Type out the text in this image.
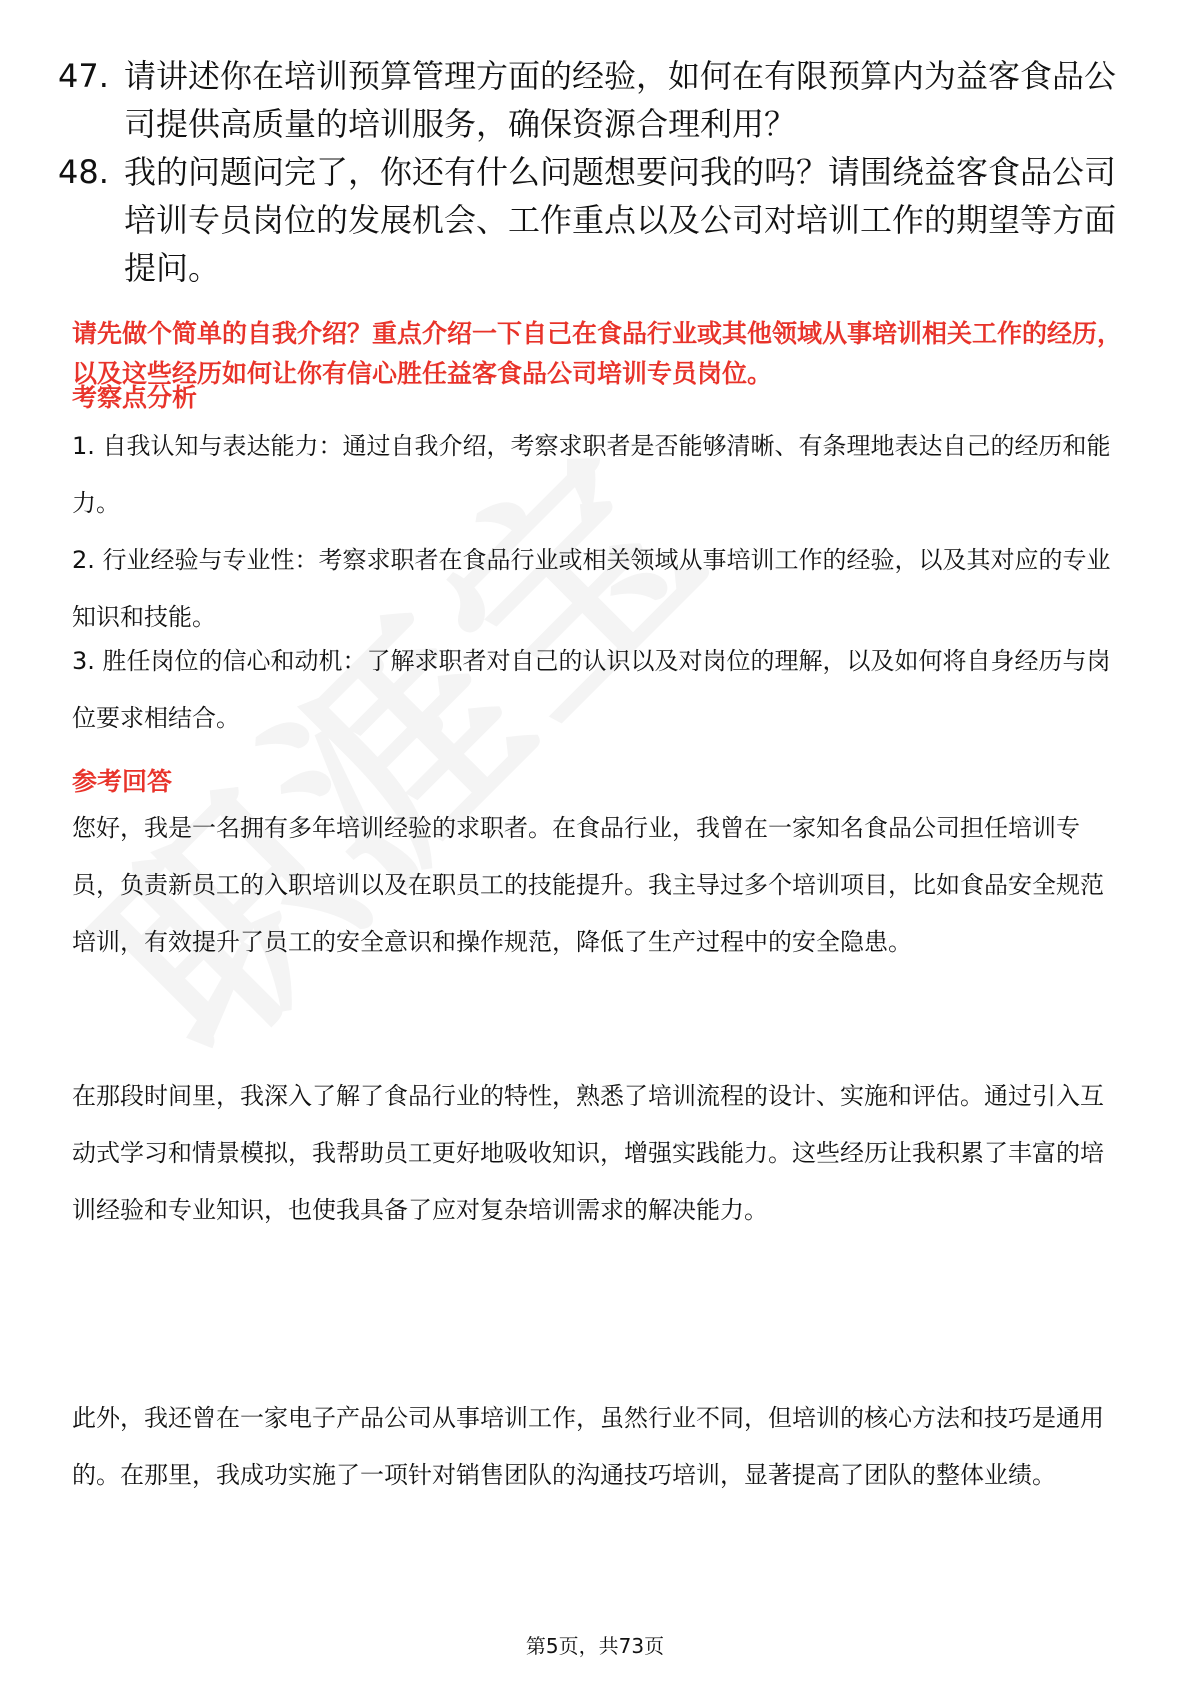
47. 请讲述你在培训预算管理方面的经验，如何在有限预算内为益客食品公司提供高质量的培训服务，确保资源合理利用？
48. 我的问题问完了，你还有什么问题想要问我的吗？请围绕益客食品公司培训专员岗位的发展机会、工作重点以及公司对培训工作的期望等方面提问。
请先做个简单的自我介绍？重点介绍一下自己在食品行业或其他领域从事培训相关工作的经历，以及这些经历如何让你有信心胜任益客食品公司培训专员岗位。
考察点分析
1. 自我认知与表达能力：通过自我介绍，考察求职者是否能够清晰、有条理地表达自己的经历和能力。
2. 行业经验与专业性：考察求职者在食品行业或相关领域从事培训工作的经验，以及其对应的专业知识和技能。
3. 胜任岗位的信心和动机：了解求职者对自己的认识以及对岗位的理解，以及如何将自身经历与岗位要求相结合。
参考回答
您好，我是一名拥有多年培训经验的求职者。在食品行业，我曾在一家知名食品公司担任培训专员，负责新员工的入职培训以及在职员工的技能提升。我主导过多个培训项目，比如食品安全规范培训，有效提升了员工的安全意识和操作规范，降低了生产过程中的安全隐患。
在那段时间里，我深入了解了食品行业的特性，熟悉了培训流程的设计、实施和评估。通过引入互动式学习和情景模拟，我帮助员工更好地吸收知识，增强实践能力。这些经历让我积累了丰富的培训经验和专业知识，也使我具备了应对复杂培训需求的解决能力。
此外，我还曾在一家电子产品公司从事培训工作，虽然行业不同，但培训的核心方法和技巧是通用的。在那里，我成功实施了一项针对销售团队的沟通技巧培训，显著提高了团队的整体业绩。
第5页，共73页
